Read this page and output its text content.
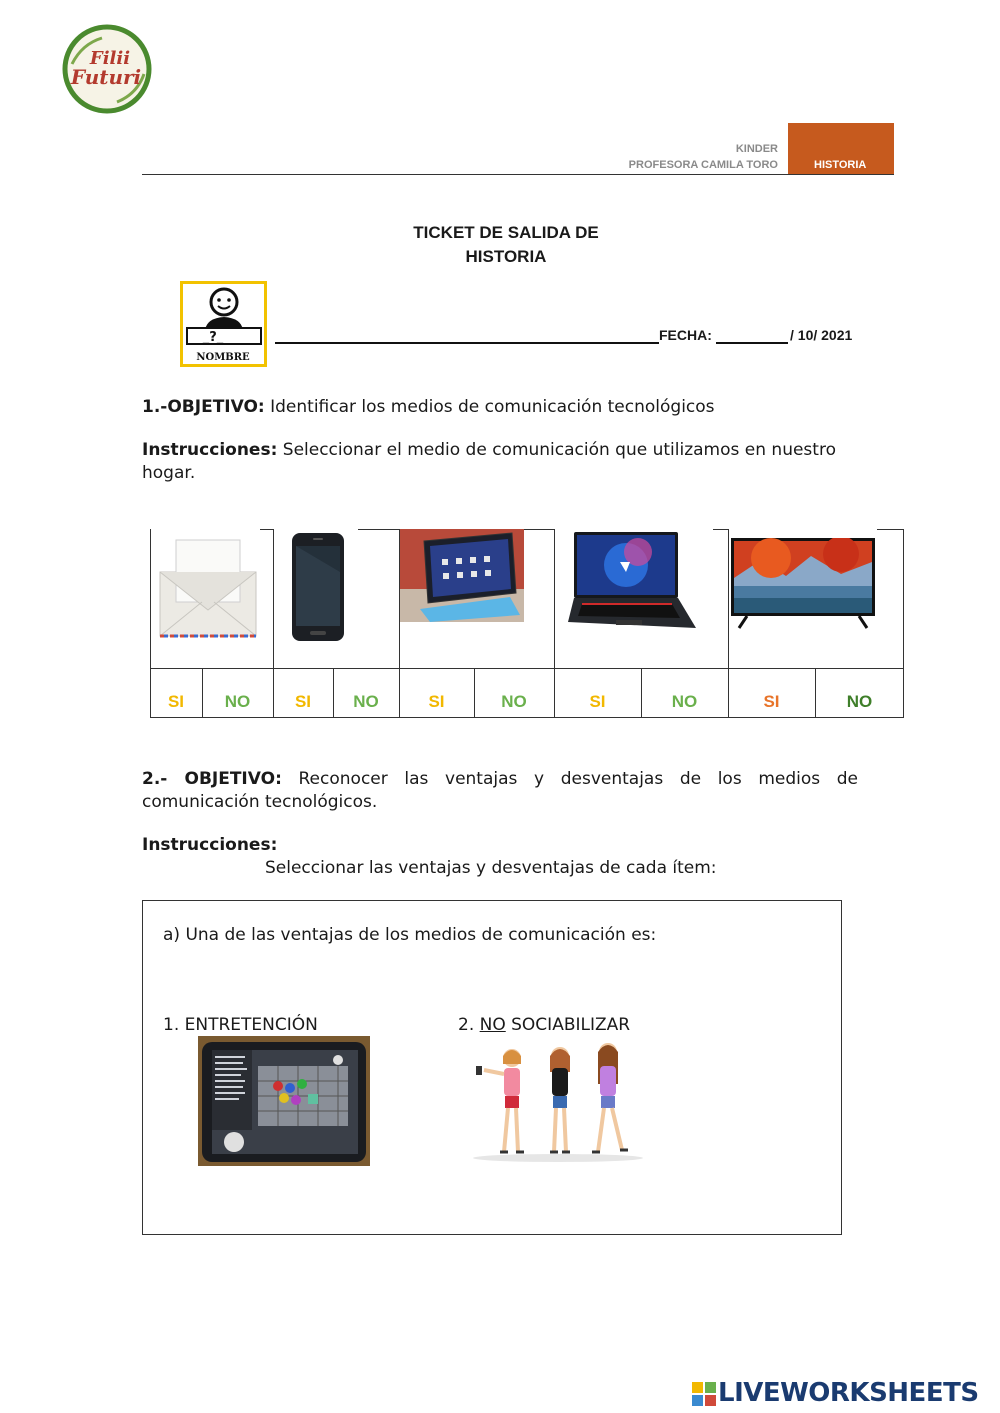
Filii
Futuri
KINDER
PROFESORA CAMILA TORO	HISTORIA
TICKET DE SALIDA DE
HISTORIA
_?_
NOMBRE
FECHA:	/ 10/ 2021
1.-OBJETIVO: Identificar los medios de comunicación tecnológicos
Instrucciones: Seleccionar el medio de comunicación que utilizamos en nuestro hogar.
SI	NO	SI	NO	SI	NO	SI	NO	SI	NO
2.- OBJETIVO: Reconocer las ventajas y desventajas de los medios de comunicación tecnológicos.
Instrucciones:
Seleccionar las ventajas y desventajas de cada ítem:
a) Una de las ventajas de los medios de comunicación es:
1. ENTRETENCIÓN	2. NO SOCIABILIZAR
LIVEWORKSHEETS
